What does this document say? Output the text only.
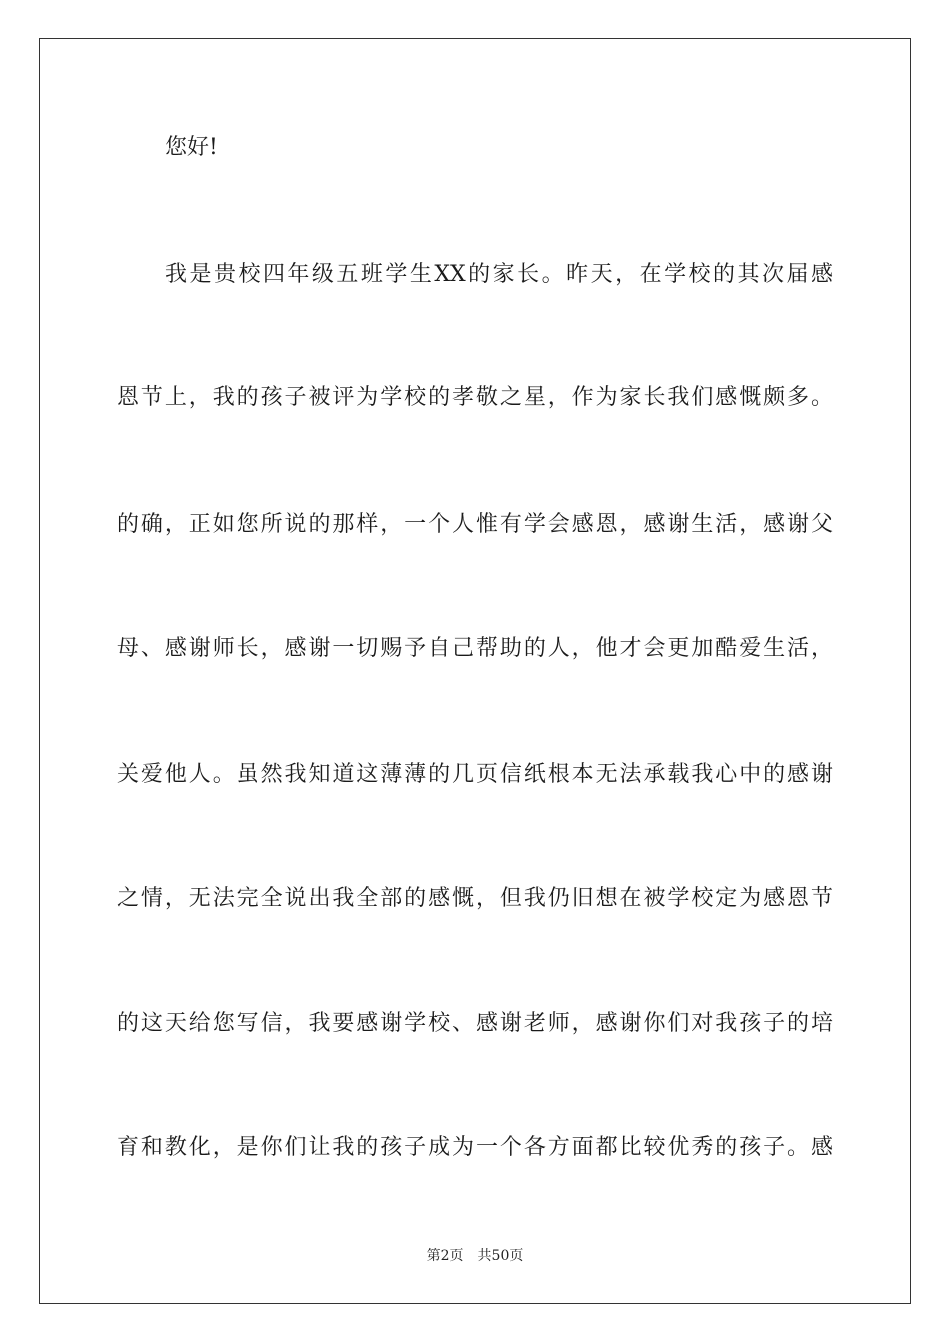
您好!
我是贵校四年级五班学生XX的家长。昨天，在学校的其次届感
恩节上，我的孩子被评为学校的孝敬之星，作为家长我们感慨颇多。
的确，正如您所说的那样，一个人惟有学会感恩，感谢生活，感谢父
母、感谢师长，感谢一切赐予自己帮助的人，他才会更加酷爱生活，
关爱他人。虽然我知道这薄薄的几页信纸根本无法承载我心中的感谢
之情，无法完全说出我全部的感慨，但我仍旧想在被学校定为感恩节
的这天给您写信，我要感谢学校、感谢老师，感谢你们对我孩子的培
育和教化，是你们让我的孩子成为一个各方面都比较优秀的孩子。感
第2页 共50页
